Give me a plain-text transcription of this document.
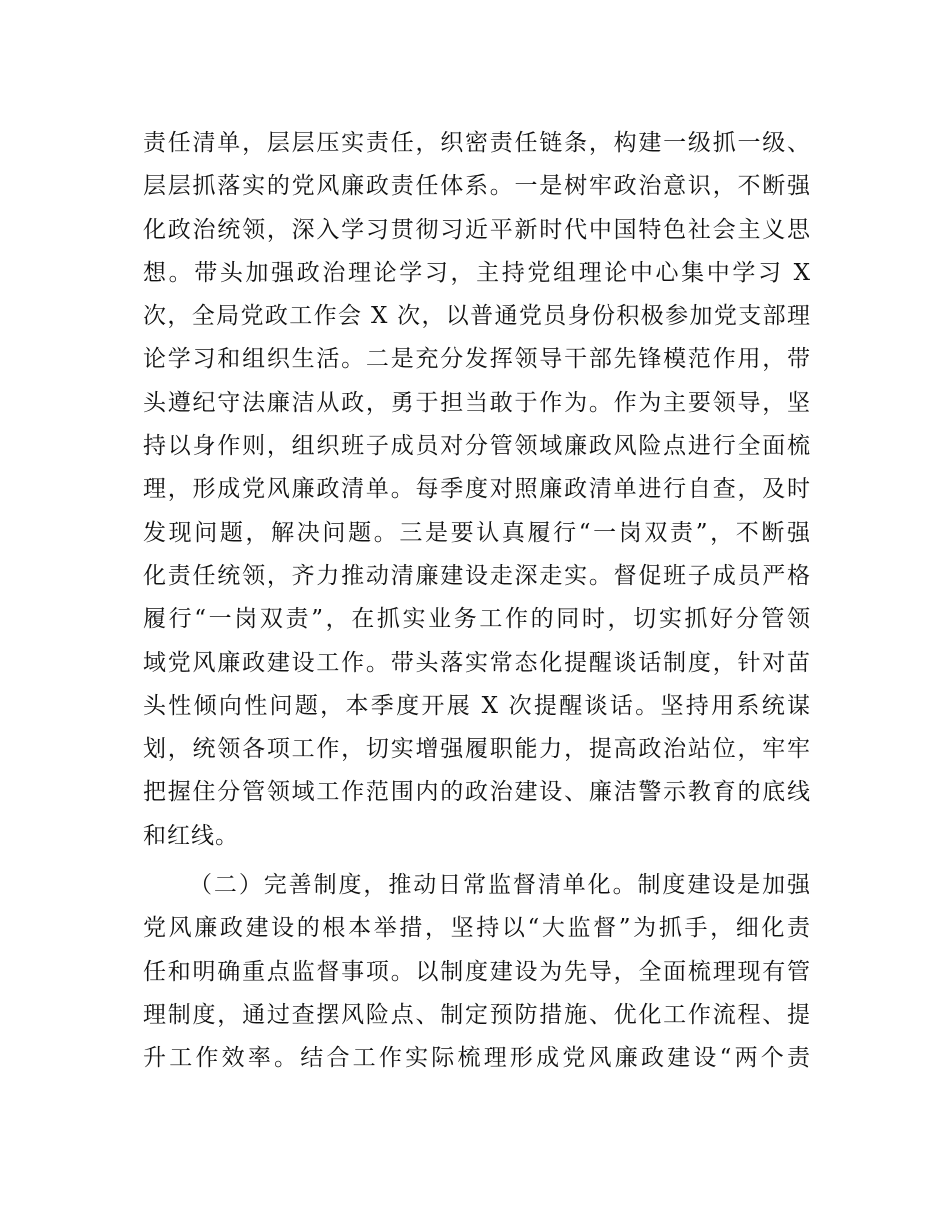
责任清单，层层压实责任，织密责任链条，构建一级抓一级、
层层抓落实的党风廉政责任体系。一是树牢政治意识，不断强
化政治统领，深入学习贯彻习近平新时代中国特色社会主义思
想。带头加强政治理论学习，主持党组理论中心集中学习 X
次，全局党政工作会 X 次，以普通党员身份积极参加党支部理
论学习和组织生活。二是充分发挥领导干部先锋模范作用，带
头遵纪守法廉洁从政，勇于担当敢于作为。作为主要领导，坚
持以身作则，组织班子成员对分管领域廉政风险点进行全面梳
理，形成党风廉政清单。每季度对照廉政清单进行自查，及时
发现问题，解决问题。三是要认真履行“一岗双责”，不断强
化责任统领，齐力推动清廉建设走深走实。督促班子成员严格
履行“一岗双责”，在抓实业务工作的同时，切实抓好分管领
域党风廉政建设工作。带头落实常态化提醒谈话制度，针对苗
头性倾向性问题，本季度开展 X 次提醒谈话。坚持用系统谋
划，统领各项工作，切实增强履职能力，提高政治站位，牢牢
把握住分管领域工作范围内的政治建设、廉洁警示教育的底线
和红线。
（二）完善制度，推动日常监督清单化。制度建设是加强
党风廉政建设的根本举措，坚持以“大监督”为抓手，细化责
任和明确重点监督事项。以制度建设为先导，全面梳理现有管
理制度，通过查摆风险点、制定预防措施、优化工作流程、提
升工作效率。结合工作实际梳理形成党风廉政建设“两个责
